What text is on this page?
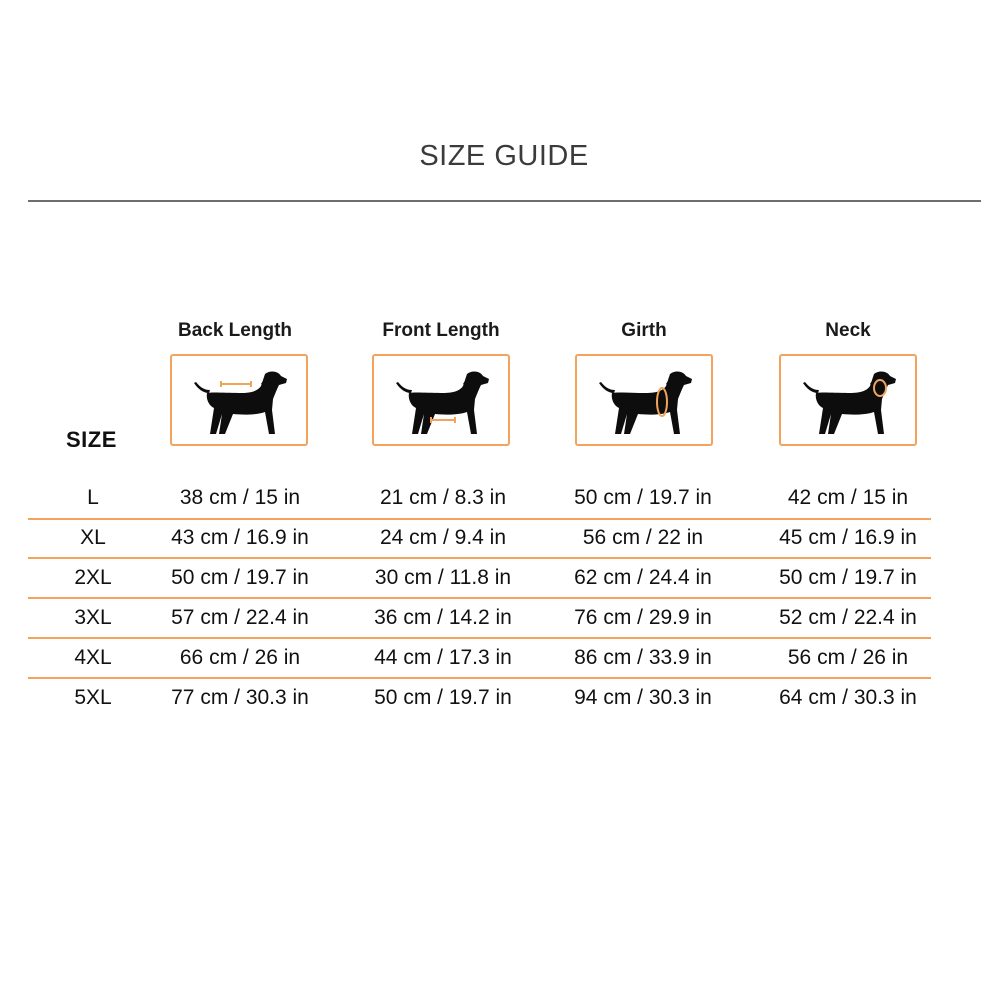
SIZE GUIDE
Back Length	Front Length	Girth	Neck
SIZE
L	38 cm / 15 in	21 cm / 8.3 in	50 cm / 19.7 in	42 cm / 15 in
XL	43 cm / 16.9 in	24 cm / 9.4 in	56 cm / 22 in	45 cm / 16.9 in
2XL	50 cm / 19.7 in	30 cm / 11.8 in	62 cm / 24.4 in	50 cm / 19.7 in
3XL	57 cm / 22.4 in	36 cm / 14.2 in	76 cm / 29.9 in	52 cm / 22.4 in
4XL	66 cm / 26 in	44 cm / 17.3 in	86 cm / 33.9 in	56 cm / 26 in
5XL	77 cm / 30.3 in	50 cm / 19.7 in	94 cm / 30.3 in	64 cm / 30.3 in
